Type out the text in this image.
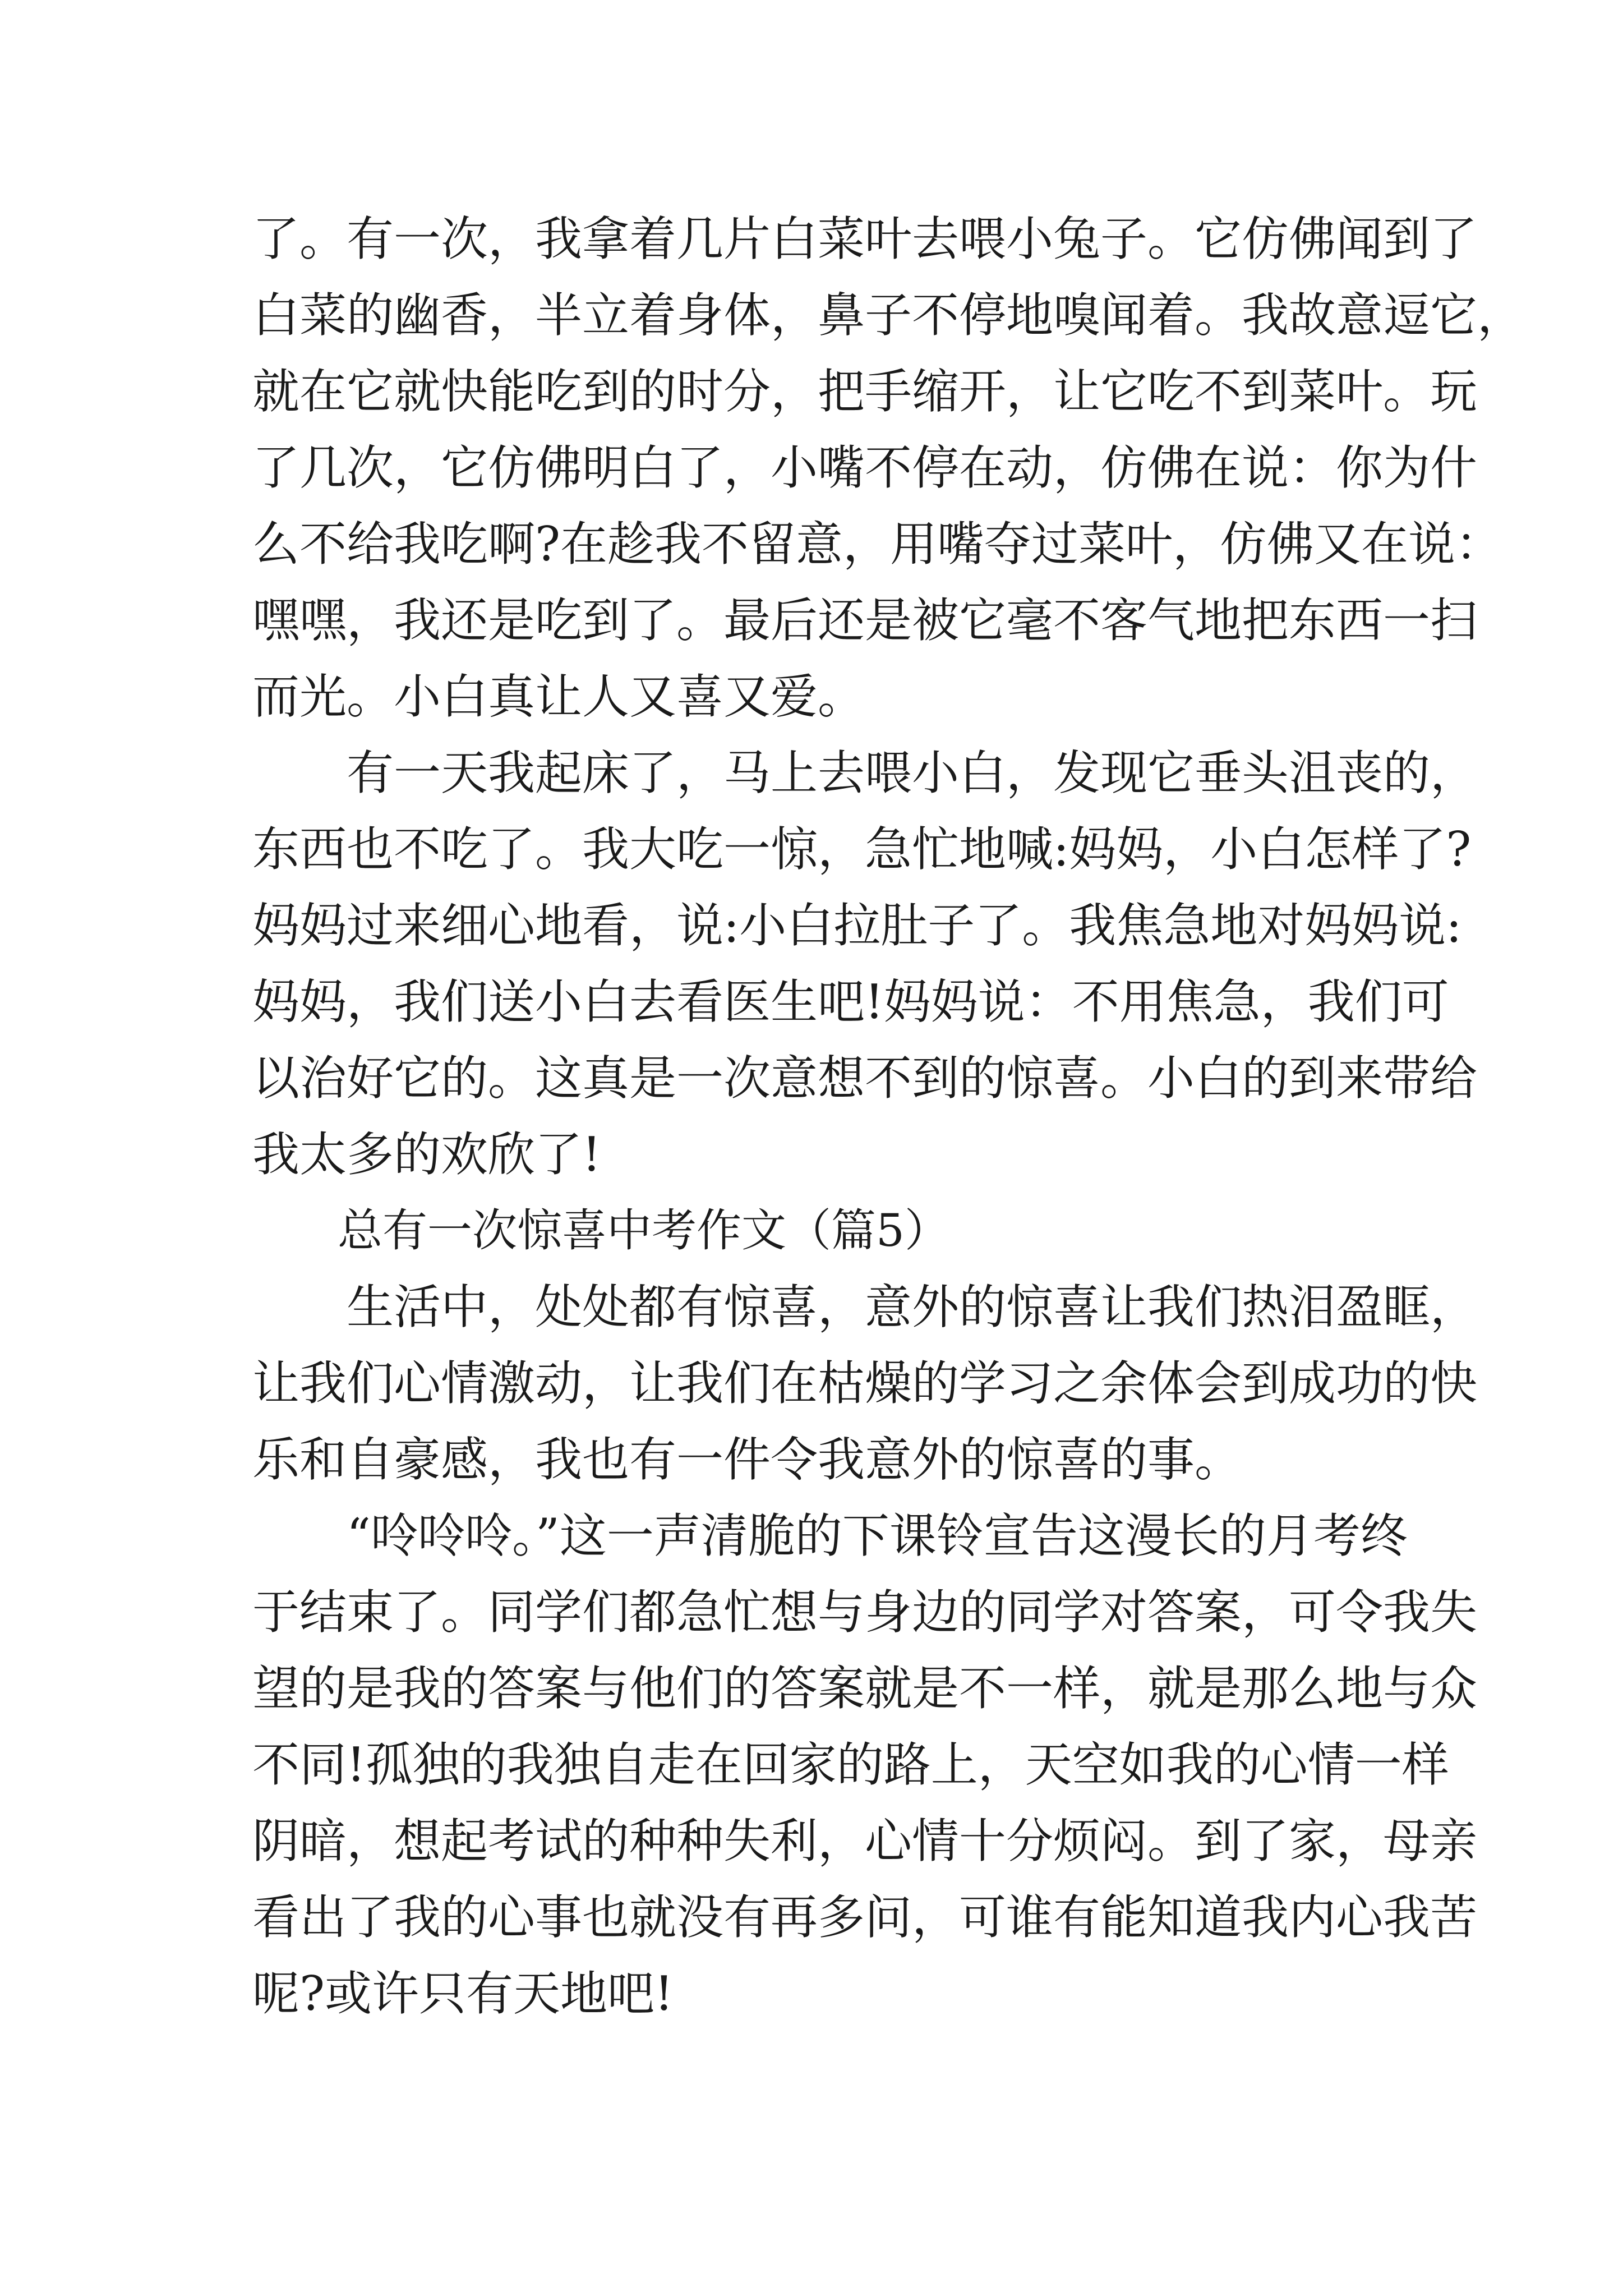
了。有一次，我拿着几片白菜叶去喂小兔子。它仿佛闻到了
白菜的幽香，半立着身体，鼻子不停地嗅闻着。我故意逗它，
就在它就快能吃到的时分，把手缩开，让它吃不到菜叶。玩
了几次，它仿佛明白了，小嘴不停在动，仿佛在说：你为什
么不给我吃啊?在趁我不留意，用嘴夺过菜叶，仿佛又在说：
嘿嘿，我还是吃到了。最后还是被它毫不客气地把东西一扫
而光。小白真让人又喜又爱。
有一天我起床了，马上去喂小白，发现它垂头沮丧的，
东西也不吃了。我大吃一惊，急忙地喊:妈妈，小白怎样了?
妈妈过来细心地看，说:小白拉肚子了。我焦急地对妈妈说:
妈妈，我们送小白去看医生吧!妈妈说：不用焦急，我们可
以治好它的。这真是一次意想不到的惊喜。小白的到来带给
我太多的欢欣了!
总有一次惊喜中考作文（篇5）
生活中，处处都有惊喜，意外的惊喜让我们热泪盈眶，
让我们心情激动，让我们在枯燥的学习之余体会到成功的快
乐和自豪感，我也有一件令我意外的惊喜的事。
“呤呤呤。”这一声清脆的下课铃宣告这漫长的月考终
于结束了。同学们都急忙想与身边的同学对答案，可令我失
望的是我的答案与他们的答案就是不一样，就是那么地与众
不同!孤独的我独自走在回家的路上，天空如我的心情一样
阴暗，想起考试的种种失利，心情十分烦闷。到了家，母亲
看出了我的心事也就没有再多问，可谁有能知道我内心我苦
呢?或许只有天地吧!
